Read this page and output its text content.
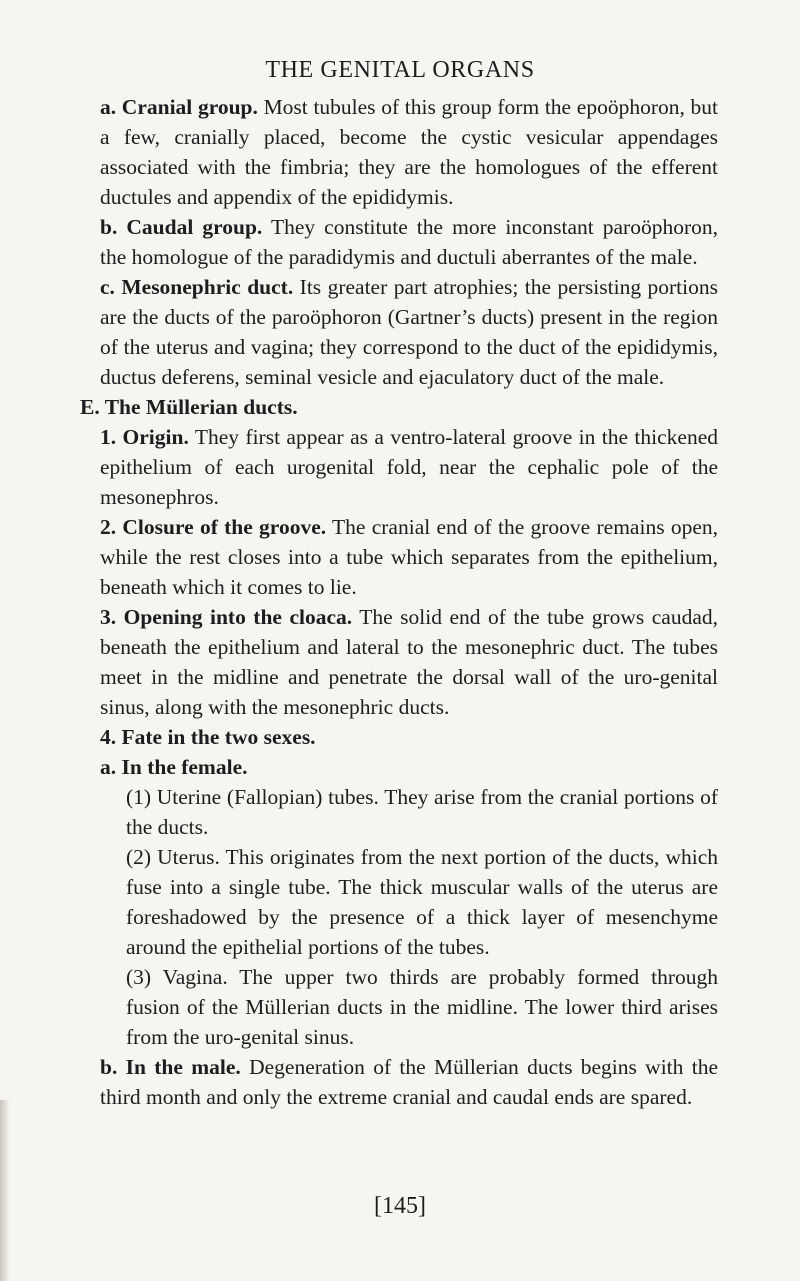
THE GENITAL ORGANS

a. Cranial group. Most tubules of this group form the epoöphoron, but a few, cranially placed, become the cystic vesicular appendages associated with the fimbria; they are the homologues of the efferent ductules and appendix of the epididymis.

b. Caudal group. They constitute the more inconstant paroöphoron, the homologue of the paradidymis and ductuli aberrantes of the male.

c. Mesonephric duct. Its greater part atrophies; the persisting portions are the ducts of the paroöphoron (Gartner’s ducts) present in the region of the uterus and vagina; they correspond to the duct of the epididymis, ductus deferens, seminal vesicle and ejaculatory duct of the male.

E. The Müllerian ducts.

1. Origin. They first appear as a ventro-lateral groove in the thickened epithelium of each urogenital fold, near the cephalic pole of the mesonephros.

2. Closure of the groove. The cranial end of the groove remains open, while the rest closes into a tube which separates from the epithelium, beneath which it comes to lie.

3. Opening into the cloaca. The solid end of the tube grows caudad, beneath the epithelium and lateral to the mesonephric duct. The tubes meet in the midline and penetrate the dorsal wall of the uro-genital sinus, along with the mesonephric ducts.

4. Fate in the two sexes.

a. In the female.

(1) Uterine (Fallopian) tubes. They arise from the cranial portions of the ducts.

(2) Uterus. This originates from the next portion of the ducts, which fuse into a single tube. The thick muscular walls of the uterus are foreshadowed by the presence of a thick layer of mesenchyme around the epithelial portions of the tubes.

(3) Vagina. The upper two thirds are probably formed through fusion of the Müllerian ducts in the midline. The lower third arises from the uro-genital sinus.

b. In the male. Degeneration of the Müllerian ducts begins with the third month and only the extreme cranial and caudal ends are spared.

[145]
